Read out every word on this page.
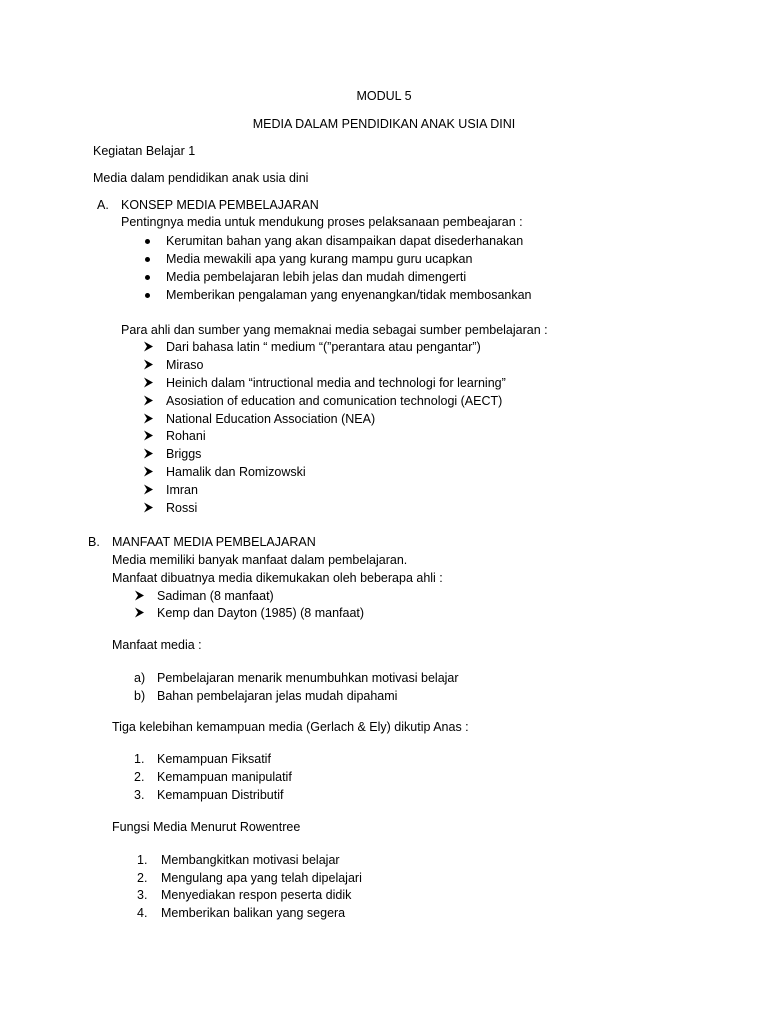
MODUL 5
MEDIA DALAM PENDIDIKAN ANAK USIA DINI
Kegiatan Belajar 1
Media dalam pendidikan anak usia dini
A. KONSEP MEDIA PEMBELAJARAN
Pentingnya media untuk mendukung proses pelaksanaan pembeajaran :
Kerumitan bahan yang akan disampaikan dapat disederhanakan
Media mewakili apa yang kurang mampu guru ucapkan
Media pembelajaran lebih jelas dan mudah dimengerti
Memberikan pengalaman yang enyenangkan/tidak membosankan
Para ahli dan sumber yang memaknai media sebagai sumber pembelajaran :
Dari bahasa latin “ medium “(”perantara atau pengantar”)
Miraso
Heinich dalam “intructional media and technologi for learning”
Asosiation of education and comunication technologi (AECT)
National Education Association (NEA)
Rohani
Briggs
Hamalik dan Romizowski
Imran
Rossi
B. MANFAAT MEDIA PEMBELAJARAN
Media memiliki banyak manfaat dalam pembelajaran.
Manfaat dibuatnya media dikemukakan oleh beberapa ahli :
Sadiman (8 manfaat)
Kemp dan Dayton (1985) (8 manfaat)
Manfaat media :
a) Pembelajaran menarik menumbuhkan motivasi belajar
b) Bahan pembelajaran jelas mudah dipahami
Tiga kelebihan kemampuan media (Gerlach & Ely) dikutip Anas :
1. Kemampuan Fiksatif
2. Kemampuan manipulatif
3. Kemampuan Distributif
Fungsi Media Menurut Rowentree
1. Membangkitkan motivasi belajar
2. Mengulang apa yang telah dipelajari
3. Menyediakan respon peserta didik
4. Memberikan balikan yang segera
